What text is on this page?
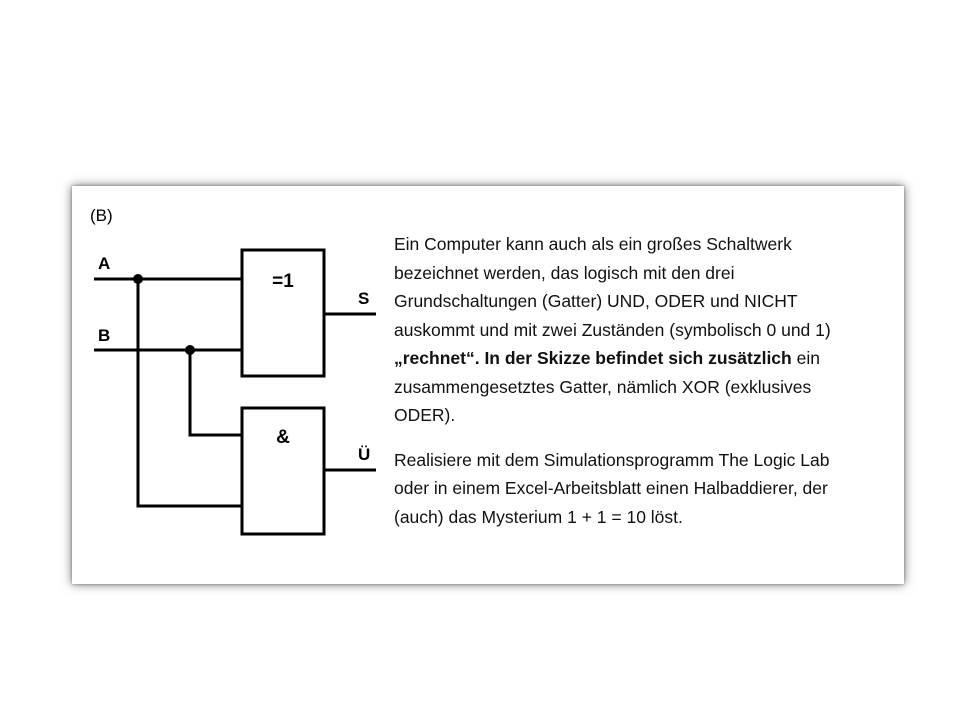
(B)
A
B
=1
&
S
Ü

Ein Computer kann auch als ein großes Schaltwerk
bezeichnet werden, das logisch mit den drei
Grundschaltungen (Gatter) UND, ODER und NICHT
auskommt und mit zwei Zuständen (symbolisch 0 und 1)
„rechnet“. In der Skizze befindet sich zusätzlich ein
zusammengesetztes Gatter, nämlich XOR (exklusives
ODER).

Realisiere mit dem Simulationsprogramm The Logic Lab
oder in einem Excel-Arbeitsblatt einen Halbaddierer, der
(auch) das Mysterium 1 + 1 = 10 löst.
